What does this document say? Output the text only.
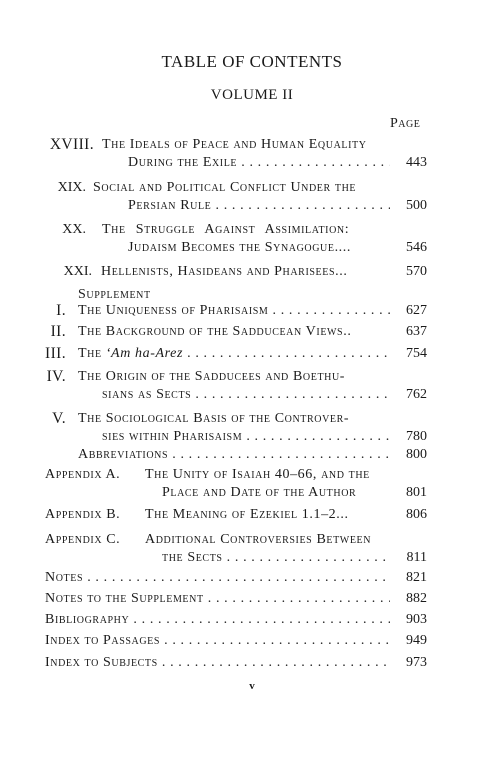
TABLE OF CONTENTS
VOLUME II
Page
XVIII. The Ideals of Peace and Human Equality
During the Exile . . .	443
XIX. Social and Political Conflict Under the
Persian Rule . . .	500
XX. The Struggle Against Assimilation:
Judaism Becomes the Synagogue....	546
XXI. Hellenists, Hasideans and Pharisees...	570
Supplement
I. The Uniqueness of Pharisaism . . .	627
II. The Background of the Sadducean Views..	637
III. The ‘Am ha-Arez . . .	754
IV. The Origin of the Sadducees and Boethu-
sians as Sects . . .	762
V. The Sociological Basis of the Controver-
sies within Pharisaism . . .	780
Abbreviations . . .	800
Appendix A. The Unity of Isaiah 40–66, and the
Place and Date of the Author	801
Appendix B. The Meaning of Ezekiel 1.1–2...	806
Appendix C. Additional Controversies Between
the Sects . . .	811
Notes . . .	821
Notes to the Supplement . . .	882
Bibliography . . .	903
Index to Passages . . .	949
Index to Subjects . . .	973
v
